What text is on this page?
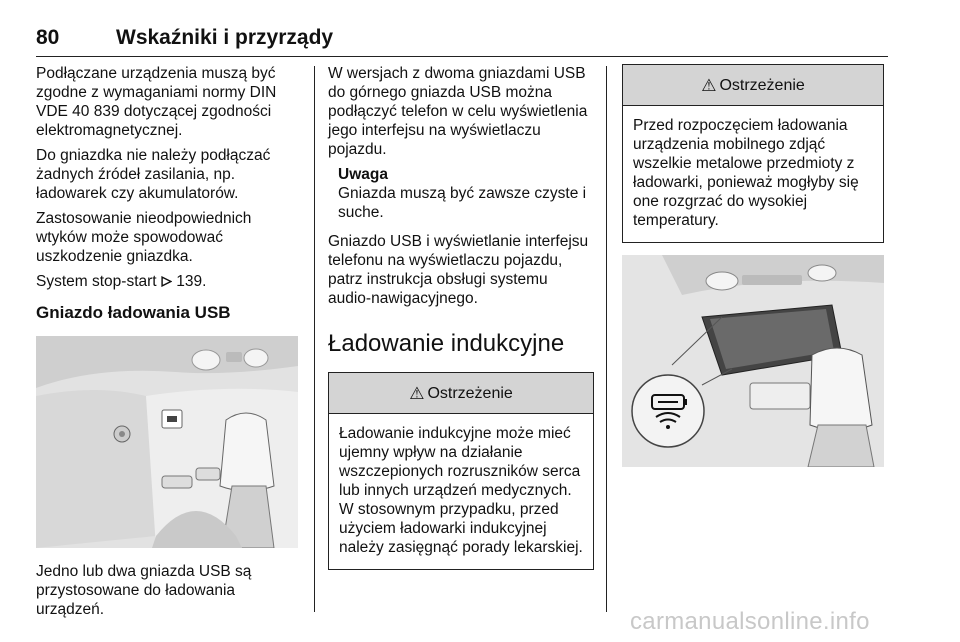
80	Wskaźniki i przyrządy

Podłączane urządzenia muszą być zgodne z wymaganiami normy DIN VDE 40 839 dotyczącej zgodności elektromagnetycznej.

Do gniazdka nie należy podłączać żadnych źródeł zasilania, np. ładowarek czy akumulatorów.

Zastosowanie nieodpowiednich wtyków może spowodować uszkodzenie gniazdka.

System stop-start 139.

Gniazdo ładowania USB

Jedno lub dwa gniazda USB są przystosowane do ładowania urządzeń.

W wersjach z dwoma gniazdami USB do górnego gniazda USB można podłączyć telefon w celu wyświetlenia jego interfejsu na wyświetlaczu pojazdu.

Uwaga
Gniazda muszą być zawsze czyste i suche.

Gniazdo USB i wyświetlanie interfejsu telefonu na wyświetlaczu pojazdu, patrz instrukcja obsługi systemu audio-nawigacyjnego.

Ładowanie indukcyjne
⚠ Ostrzeżenie
Ładowanie indukcyjne może mieć ujemny wpływ na działanie wszczepionych rozruszników serca lub innych urządzeń medycznych. W stosownym przypadku, przed użyciem ładowarki indukcyjnej należy zasięgnąć porady lekarskiej.
⚠ Ostrzeżenie
Przed rozpoczęciem ładowania urządzenia mobilnego zdjąć wszelkie metalowe przedmioty z ładowarki, ponieważ mogłyby się one rozgrzać do wysokiej temperatury.
carmanualsonline.info
